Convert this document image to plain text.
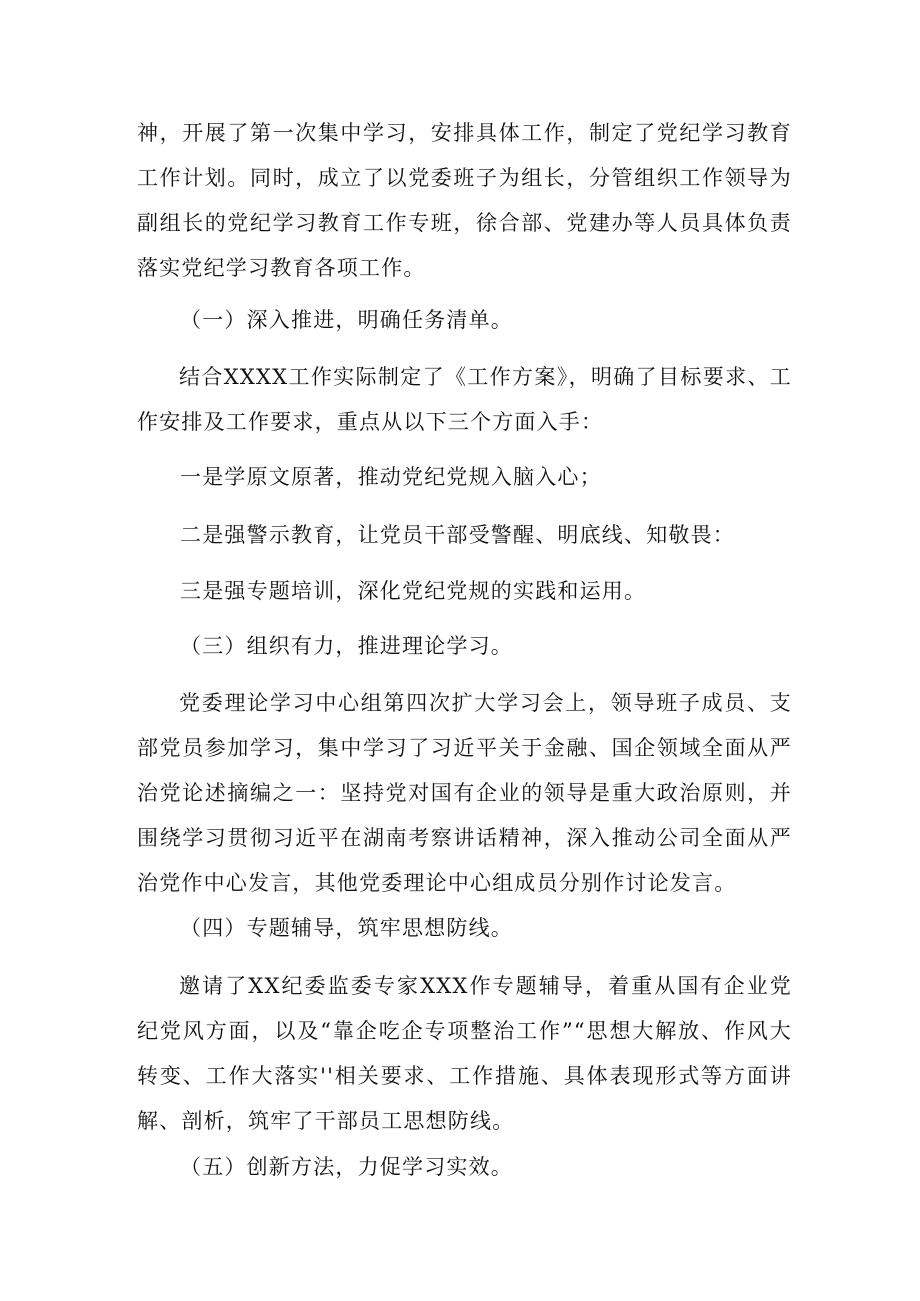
神，开展了第一次集中学习，安排具体工作，制定了党纪学习教育工作计划。同时，成立了以党委班子为组长，分管组织工作领导为副组长的党纪学习教育工作专班，徐合部、党建办等人员具体负责落实党纪学习教育各项工作。

（一）深入推进，明确任务清单。

结合XXXX工作实际制定了《工作方案》，明确了目标要求、工作安排及工作要求，重点从以下三个方面入手：

一是学原文原著，推动党纪党规入脑入心；

二是强警示教育，让党员干部受警醒、明底线、知敬畏：

三是强专题培训，深化党纪党规的实践和运用。

（三）组织有力，推进理论学习。

党委理论学习中心组第四次扩大学习会上，领导班子成员、支部党员参加学习，集中学习了习近平关于金融、国企领域全面从严治党论述摘编之一：坚持党对国有企业的领导是重大政治原则，并围绕学习贯彻习近平在湖南考察讲话精神，深入推动公司全面从严治党作中心发言，其他党委理论中心组成员分别作讨论发言。

（四）专题辅导，筑牢思想防线。

邀请了XX纪委监委专家XXX作专题辅导，着重从国有企业党纪党风方面，以及“靠企吃企专项整治工作”“思想大解放、作风大转变、工作大落实''相关要求、工作措施、具体表现形式等方面讲解、剖析，筑牢了干部员工思想防线。

（五）创新方法，力促学习实效。
